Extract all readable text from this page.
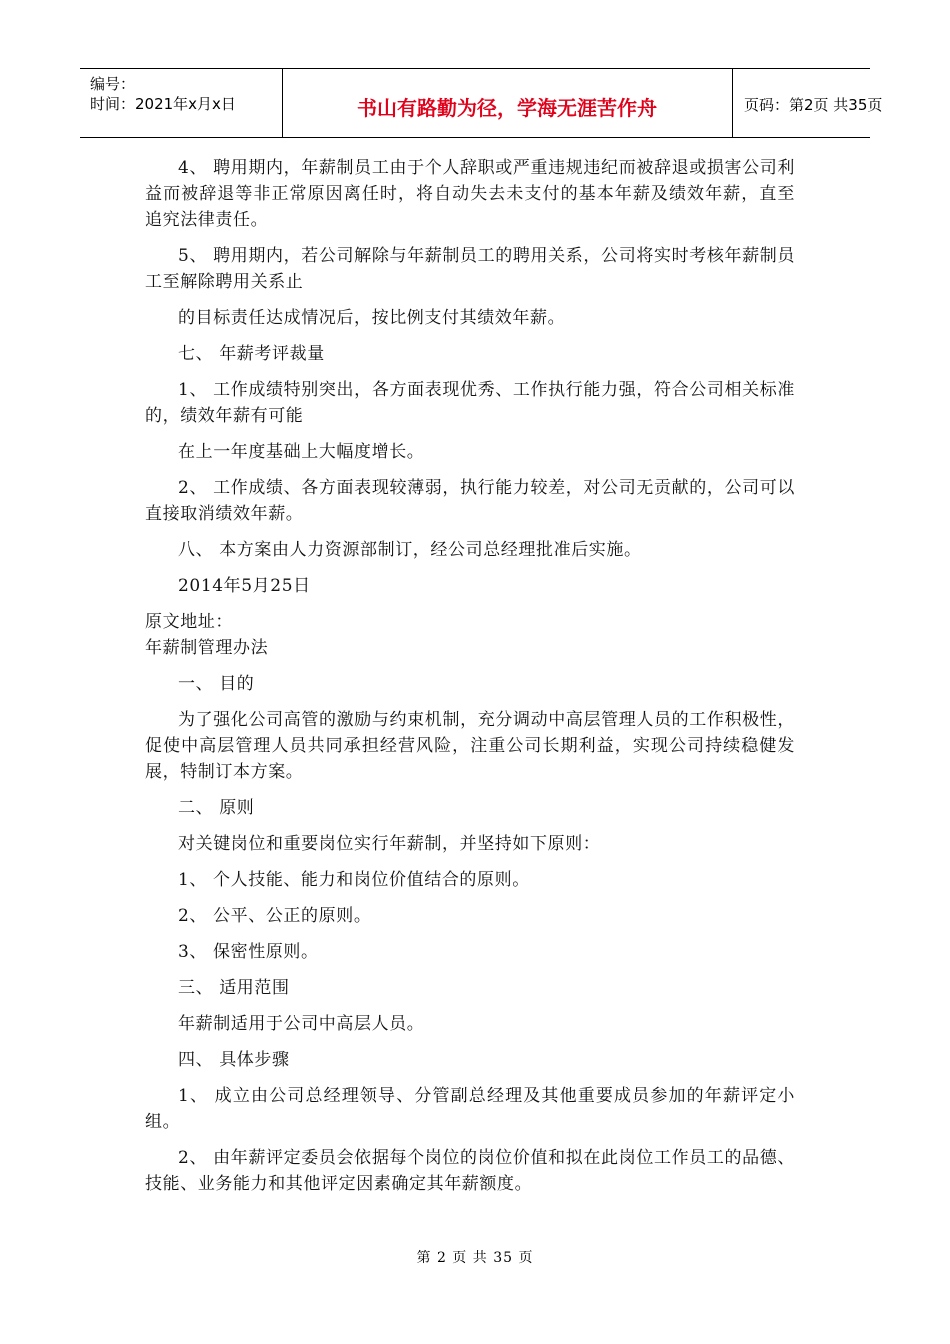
编号：
时间：2021年x月x日	书山有路勤为径，学海无涯苦作舟	页码：第2页 共35页

4、 聘用期内，年薪制员工由于个人辞职或严重违规违纪而被辞退或损害公司利益而被辞退等非正常原因离任时，将自动失去未支付的基本年薪及绩效年薪，直至追究法律责任。

5、 聘用期内，若公司解除与年薪制员工的聘用关系，公司将实时考核年薪制员工至解除聘用关系止

的目标责任达成情况后，按比例支付其绩效年薪。

七、 年薪考评裁量

1、 工作成绩特别突出，各方面表现优秀、工作执行能力强，符合公司相关标准的，绩效年薪有可能

在上一年度基础上大幅度增长。

2、 工作成绩、各方面表现较薄弱，执行能力较差，对公司无贡献的，公司可以直接取消绩效年薪。

八、 本方案由人力资源部制订，经公司总经理批准后实施。

2014年5月25日

原文地址：

年薪制管理办法

一、 目的

为了强化公司高管的激励与约束机制，充分调动中高层管理人员的工作积极性，促使中高层管理人员共同承担经营风险，注重公司长期利益，实现公司持续稳健发展，特制订本方案。

二、 原则

对关键岗位和重要岗位实行年薪制，并坚持如下原则：

1、 个人技能、能力和岗位价值结合的原则。

2、 公平、公正的原则。

3、 保密性原则。

三、 适用范围

年薪制适用于公司中高层人员。

四、 具体步骤

1、 成立由公司总经理领导、分管副总经理及其他重要成员参加的年薪评定小组。

2、 由年薪评定委员会依据每个岗位的岗位价值和拟在此岗位工作员工的品德、技能、业务能力和其他评定因素确定其年薪额度。

第 2 页 共 35 页
